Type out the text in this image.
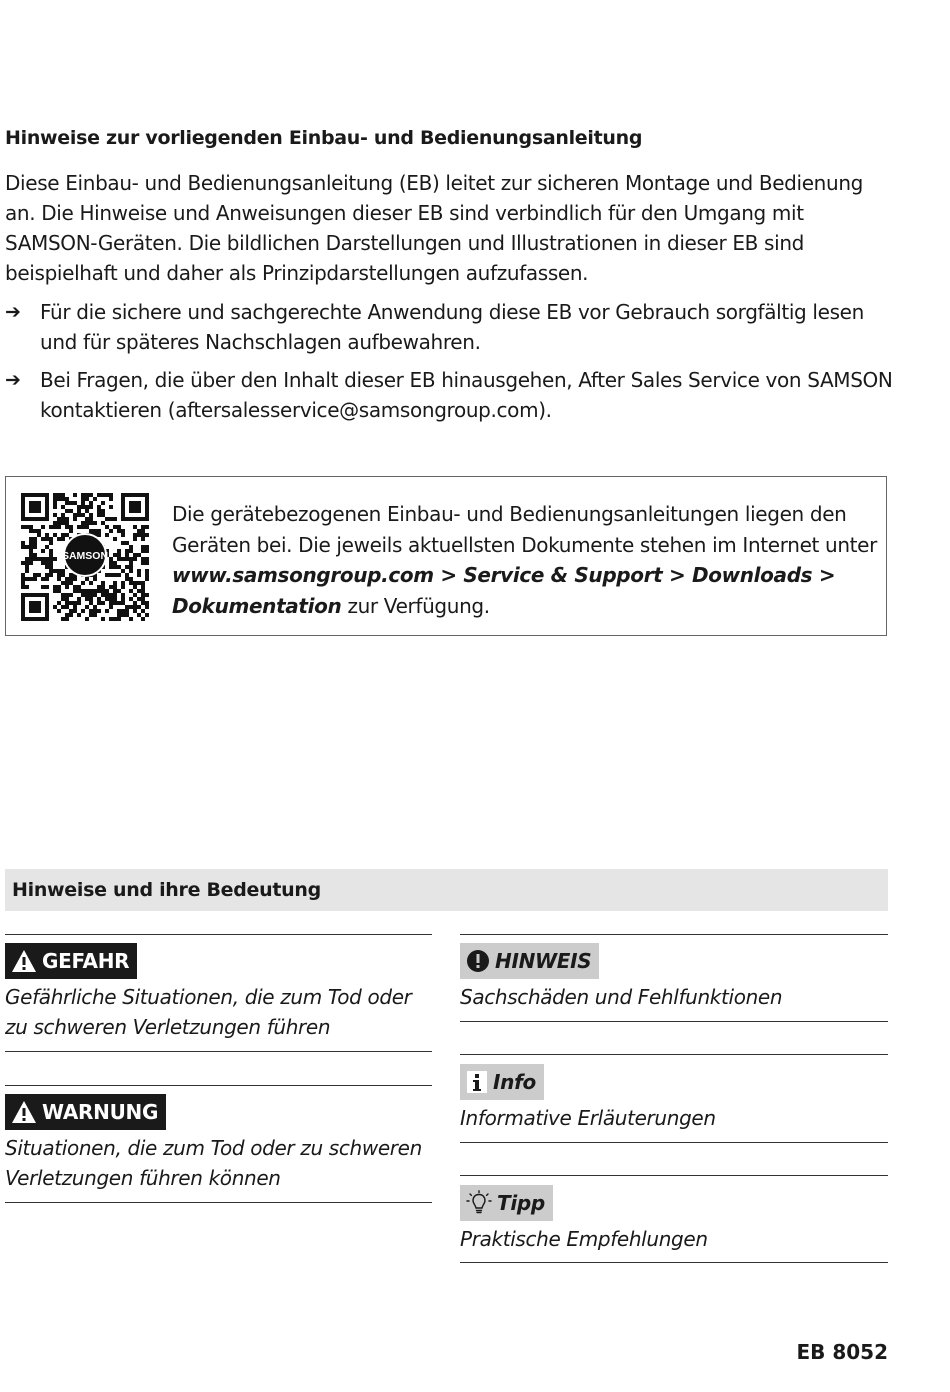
Hinweise zur vorliegenden Einbau- und Bedienungsanleitung
Diese Einbau- und Bedienungsanleitung (EB) leitet zur sicheren Montage und Bedienung an. Die Hinweise und Anweisungen dieser EB sind verbindlich für den Umgang mit SAMSON-Geräten. Die bildlichen Darstellungen und Illustrationen in dieser EB sind beispielhaft und daher als Prinzipdarstellungen aufzufassen.
➔ Für die sichere und sachgerechte Anwendung diese EB vor Gebrauch sorgfältig lesen und für späteres Nachschlagen aufbewahren.
➔ Bei Fragen, die über den Inhalt dieser EB hinausgehen, After Sales Service von SAMSON kontaktieren (aftersalesservice@samsongroup.com).
SAMSON
Die gerätebezogenen Einbau- und Bedienungsanleitungen liegen den Geräten bei. Die jeweils aktuellsten Dokumente stehen im Internet unter www.samsongroup.com > Service & Support > Downloads > Dokumentation zur Verfügung.
Hinweise und ihre Bedeutung
GEFAHR
Gefährliche Situationen, die zum Tod oder zu schweren Verletzungen führen
WARNUNG
Situationen, die zum Tod oder zu schweren Verletzungen führen können
HINWEIS
Sachschäden und Fehlfunktionen
Info
Informative Erläuterungen
Tipp
Praktische Empfehlungen
EB 8052
